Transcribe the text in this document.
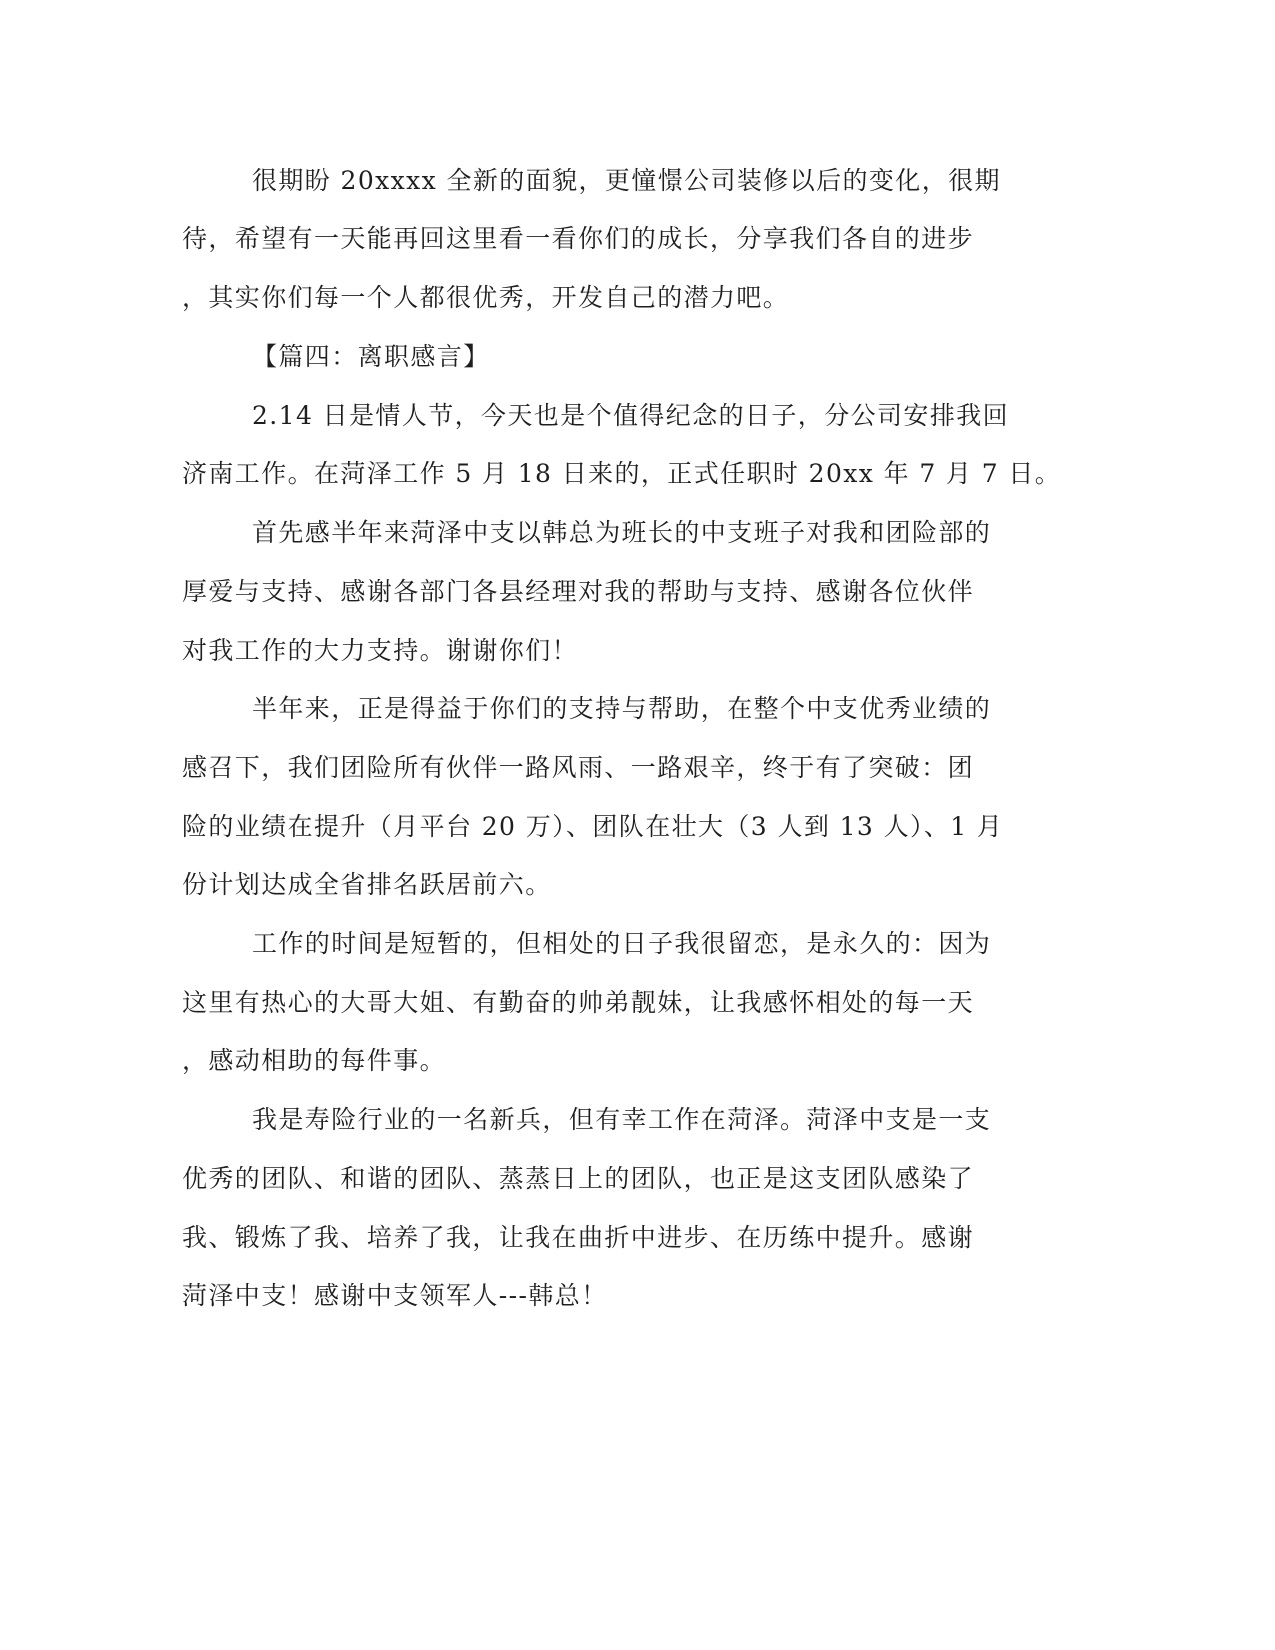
很期盼 20xxxx 全新的面貌，更憧憬公司装修以后的变化，很期
待，希望有一天能再回这里看一看你们的成长，分享我们各自的进步
，其实你们每一个人都很优秀，开发自己的潜力吧。
【篇四：离职感言】
2.14 日是情人节，今天也是个值得纪念的日子，分公司安排我回
济南工作。在菏泽工作 5 月 18 日来的，正式任职时 20xx 年 7 月 7 日。
首先感半年来菏泽中支以韩总为班长的中支班子对我和团险部的
厚爱与支持、感谢各部门各县经理对我的帮助与支持、感谢各位伙伴
对我工作的大力支持。谢谢你们！
半年来，正是得益于你们的支持与帮助，在整个中支优秀业绩的
感召下，我们团险所有伙伴一路风雨、一路艰辛，终于有了突破：团
险的业绩在提升（月平台 20 万）、团队在壮大（3 人到 13 人）、1 月
份计划达成全省排名跃居前六。
工作的时间是短暂的，但相处的日子我很留恋，是永久的：因为
这里有热心的大哥大姐、有勤奋的帅弟靓妹，让我感怀相处的每一天
，感动相助的每件事。
我是寿险行业的一名新兵，但有幸工作在菏泽。菏泽中支是一支
优秀的团队、和谐的团队、蒸蒸日上的团队，也正是这支团队感染了
我、锻炼了我、培养了我，让我在曲折中进步、在历练中提升。感谢
菏泽中支！感谢中支领军人---韩总！
